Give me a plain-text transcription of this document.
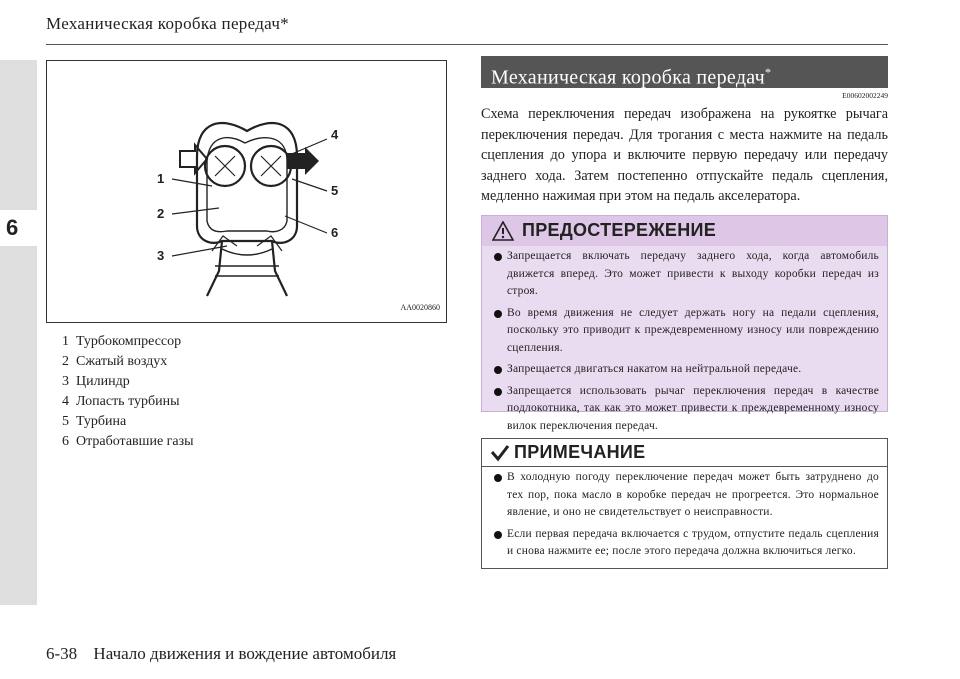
6
Механическая коробка передач*
1
2
3
4
5
6
AA0020860
1 Турбокомпрессор
2 Сжатый воздух
3 Цилиндр
4 Лопасть турбины
5 Турбина
6 Отработавшие газы
Механическая коробка передач*
E00602002249
Схема переключения передач изображена на рукоятке рычага переключения передач. Для трогания с места нажмите на педаль сцепления до упора и включите первую передачу или передачу заднего хода. Затем постепенно отпускайте педаль сцепления, медленно нажимая при этом на педаль акселератора.
ПРЕДОСТЕРЕЖЕНИЕ
Запрещается включать передачу заднего хода, когда автомобиль движется вперед. Это может привести к выходу коробки передач из строя.
Во время движения не следует держать ногу на педали сцепления, поскольку это приводит к преждевременному износу или повреждению сцепления.
Запрещается двигаться накатом на нейтральной передаче.
Запрещается использовать рычаг переключения передач в качестве подлокотника, так как это может привести к преждевременному износу вилок переключения передач.
ПРИМЕЧАНИЕ
В холодную погоду переключение передач может быть затруднено до тех пор, пока масло в коробке передач не прогреется. Это нормальное явление, и оно не свидетельствует о неисправности.
Если первая передача включается с трудом, отпустите педаль сцепления и снова нажмите ее; после этого передача должна включиться легко.
6-38 Начало движения и вождение автомобиля
